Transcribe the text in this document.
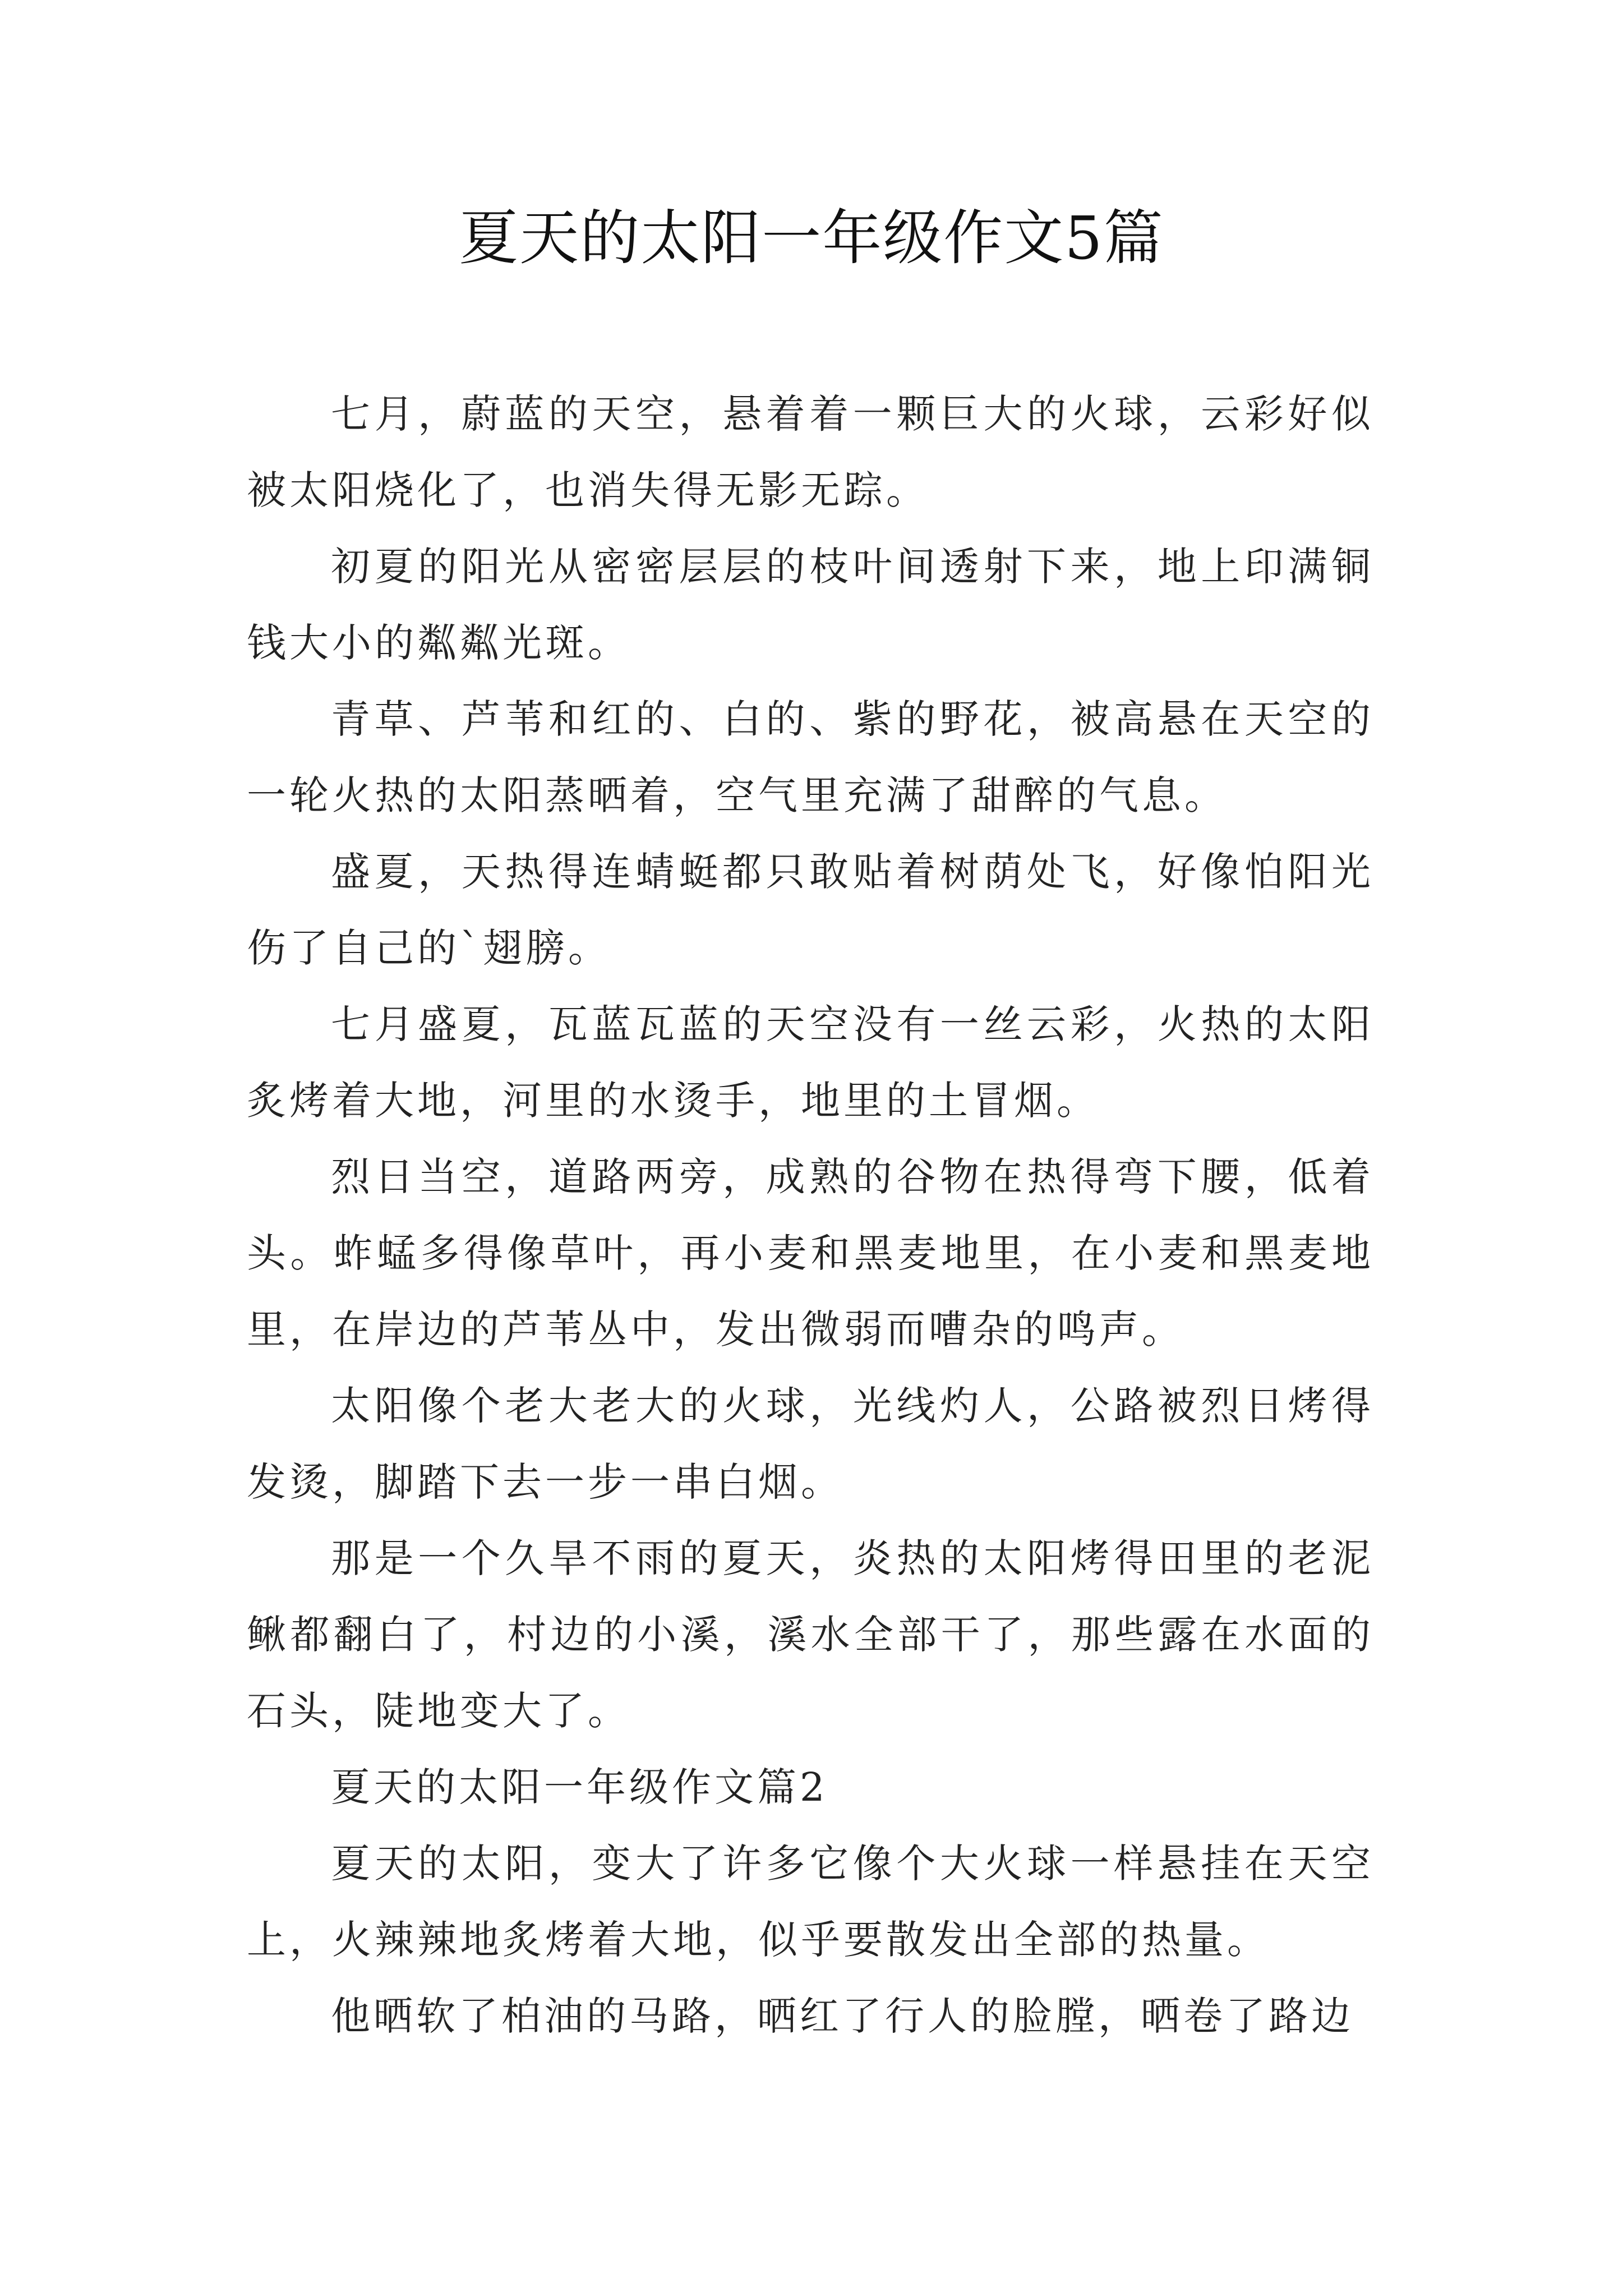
夏天的太阳一年级作文5篇

七月，蔚蓝的天空，悬着着一颗巨大的火球，云彩好似被太阳烧化了，也消失得无影无踪。

初夏的阳光从密密层层的枝叶间透射下来，地上印满铜钱大小的粼粼光斑。

青草、芦苇和红的、白的、紫的野花，被高悬在天空的一轮火热的太阳蒸晒着，空气里充满了甜醉的气息。

盛夏，天热得连蜻蜓都只敢贴着树荫处飞，好像怕阳光伤了自己的`翅膀。

七月盛夏，瓦蓝瓦蓝的天空没有一丝云彩，火热的太阳炙烤着大地，河里的水烫手，地里的土冒烟。

烈日当空，道路两旁，成熟的谷物在热得弯下腰，低着头。蚱蜢多得像草叶，再小麦和黑麦地里，在小麦和黑麦地里，在岸边的芦苇丛中，发出微弱而嘈杂的鸣声。

太阳像个老大老大的火球，光线灼人，公路被烈日烤得发烫，脚踏下去一步一串白烟。

那是一个久旱不雨的夏天，炎热的太阳烤得田里的老泥鳅都翻白了，村边的小溪，溪水全部干了，那些露在水面的石头，陡地变大了。

夏天的太阳一年级作文篇2

夏天的太阳，变大了许多它像个大火球一样悬挂在天空上，火辣辣地炙烤着大地，似乎要散发出全部的热量。

他晒软了柏油的马路，晒红了行人的脸膛，晒卷了路边
